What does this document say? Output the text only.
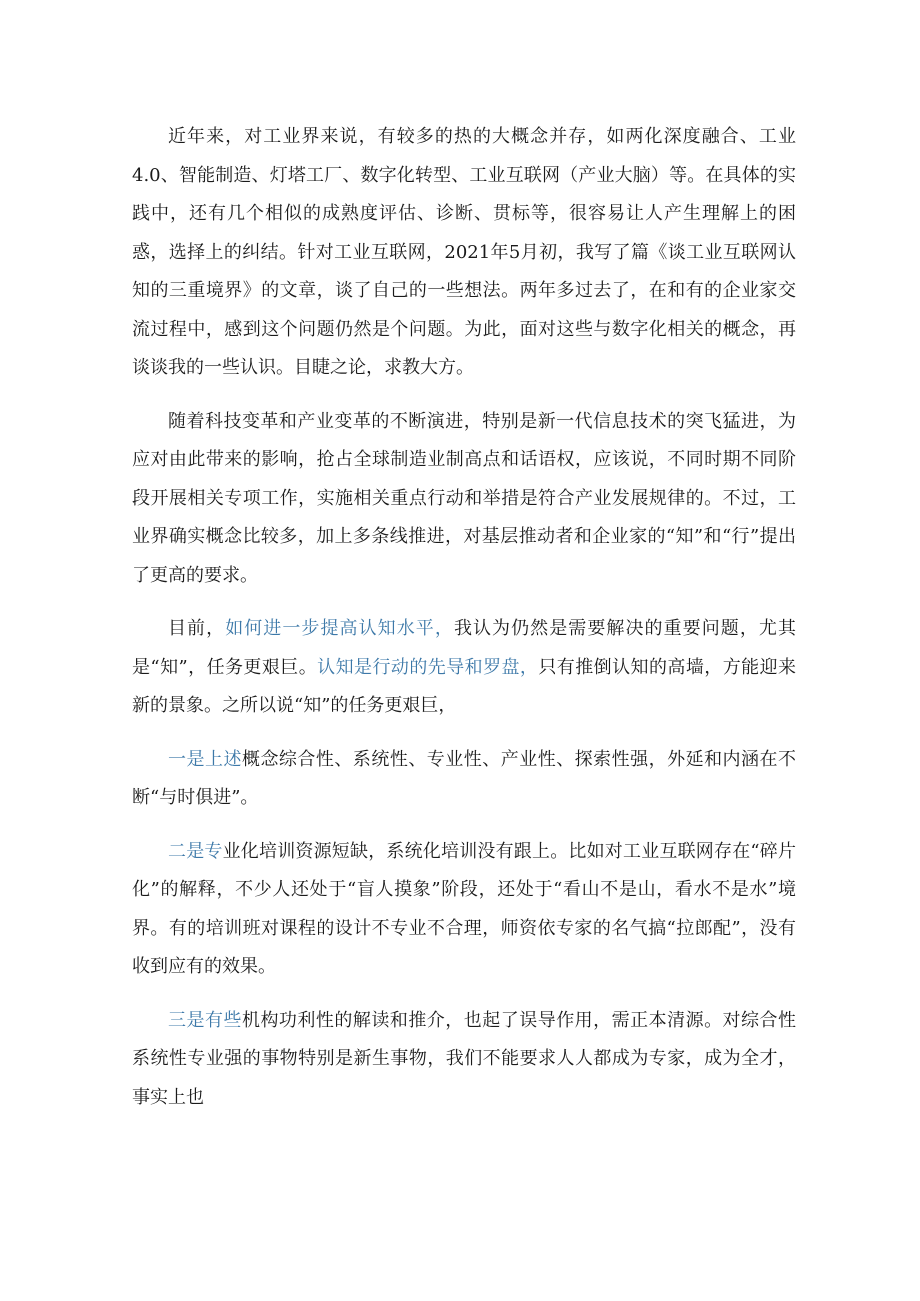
近年来，对工业界来说，有较多的热的大概念并存，如两化深度融合、工业4.0、智能制造、灯塔工厂、数字化转型、工业互联网（产业大脑）等。在具体的实践中，还有几个相似的成熟度评估、诊断、贯标等，很容易让人产生理解上的困惑，选择上的纠结。针对工业互联网，2021年5月初，我写了篇《谈工业互联网认知的三重境界》的文章，谈了自己的一些想法。两年多过去了，在和有的企业家交流过程中，感到这个问题仍然是个问题。为此，面对这些与数字化相关的概念，再谈谈我的一些认识。目睫之论，求教大方。

随着科技变革和产业变革的不断演进，特别是新一代信息技术的突飞猛进，为应对由此带来的影响，抢占全球制造业制高点和话语权，应该说，不同时期不同阶段开展相关专项工作，实施相关重点行动和举措是符合产业发展规律的。不过，工业界确实概念比较多，加上多条线推进，对基层推动者和企业家的“知”和“行”提出了更高的要求。

目前，如何进一步提高认知水平，我认为仍然是需要解决的重要问题，尤其是“知”，任务更艰巨。认知是行动的先导和罗盘，只有推倒认知的高墙，方能迎来新的景象。之所以说“知”的任务更艰巨，

一是上述概念综合性、系统性、专业性、产业性、探索性强，外延和内涵在不断“与时俱进”。

二是专业化培训资源短缺，系统化培训没有跟上。比如对工业互联网存在“碎片化”的解释，不少人还处于“盲人摸象”阶段，还处于“看山不是山，看水不是水”境界。有的培训班对课程的设计不专业不合理，师资依专家的名气搞“拉郎配”，没有收到应有的效果。

三是有些机构功利性的解读和推介，也起了误导作用，需正本清源。对综合性系统性专业强的事物特别是新生事物，我们不能要求人人都成为专家，成为全才，事实上也
